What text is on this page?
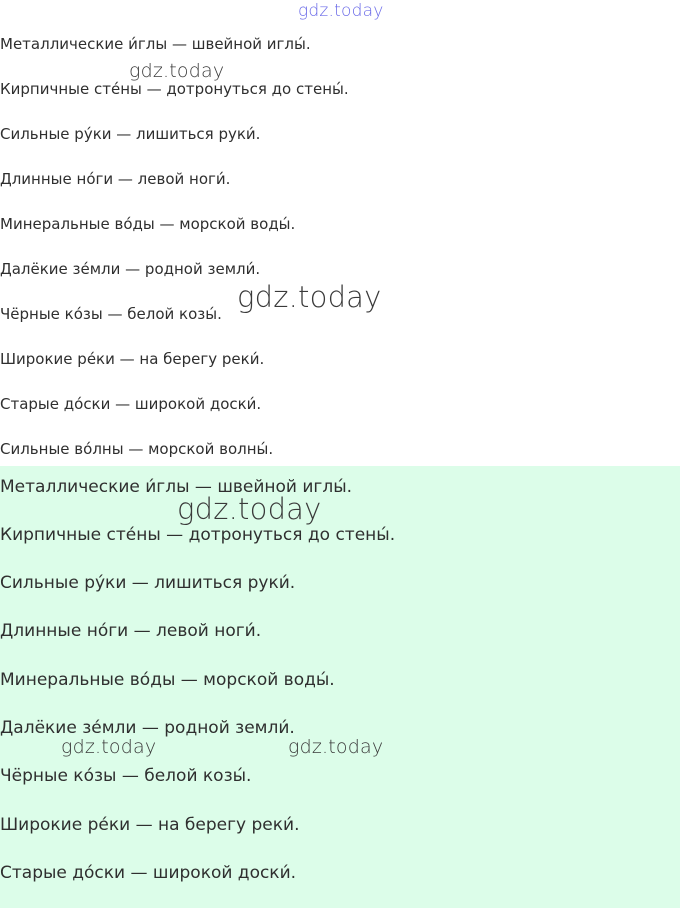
Металлические и́глы — швейной иглы́.
Кирпичные сте́ны — дотронуться до стены́.
Сильные ру́ки — лишиться руки́.
Длинные но́ги — левой ноги́.
Минеральные во́ды — морской воды́.
Далёкие зе́мли — родной земли́.
Чёрные ко́зы — белой козы́.
Широкие ре́ки — на берегу реки́.
Старые до́ски — широкой доски́.
Сильные во́лны — морской волны́.
Металлические и́глы — швейной иглы́.
Кирпичные сте́ны — дотронуться до стены́.
Сильные ру́ки — лишиться руки́.
Длинные но́ги — левой ноги́.
Минеральные во́ды — морской воды́.
Далёкие зе́мли — родной земли́.
Чёрные ко́зы — белой козы́.
Широкие ре́ки — на берегу реки́.
Старые до́ски — широкой доски́.
gdz.today
gdz.today
gdz.today
gdz.today
gdz.today	gdz.today
